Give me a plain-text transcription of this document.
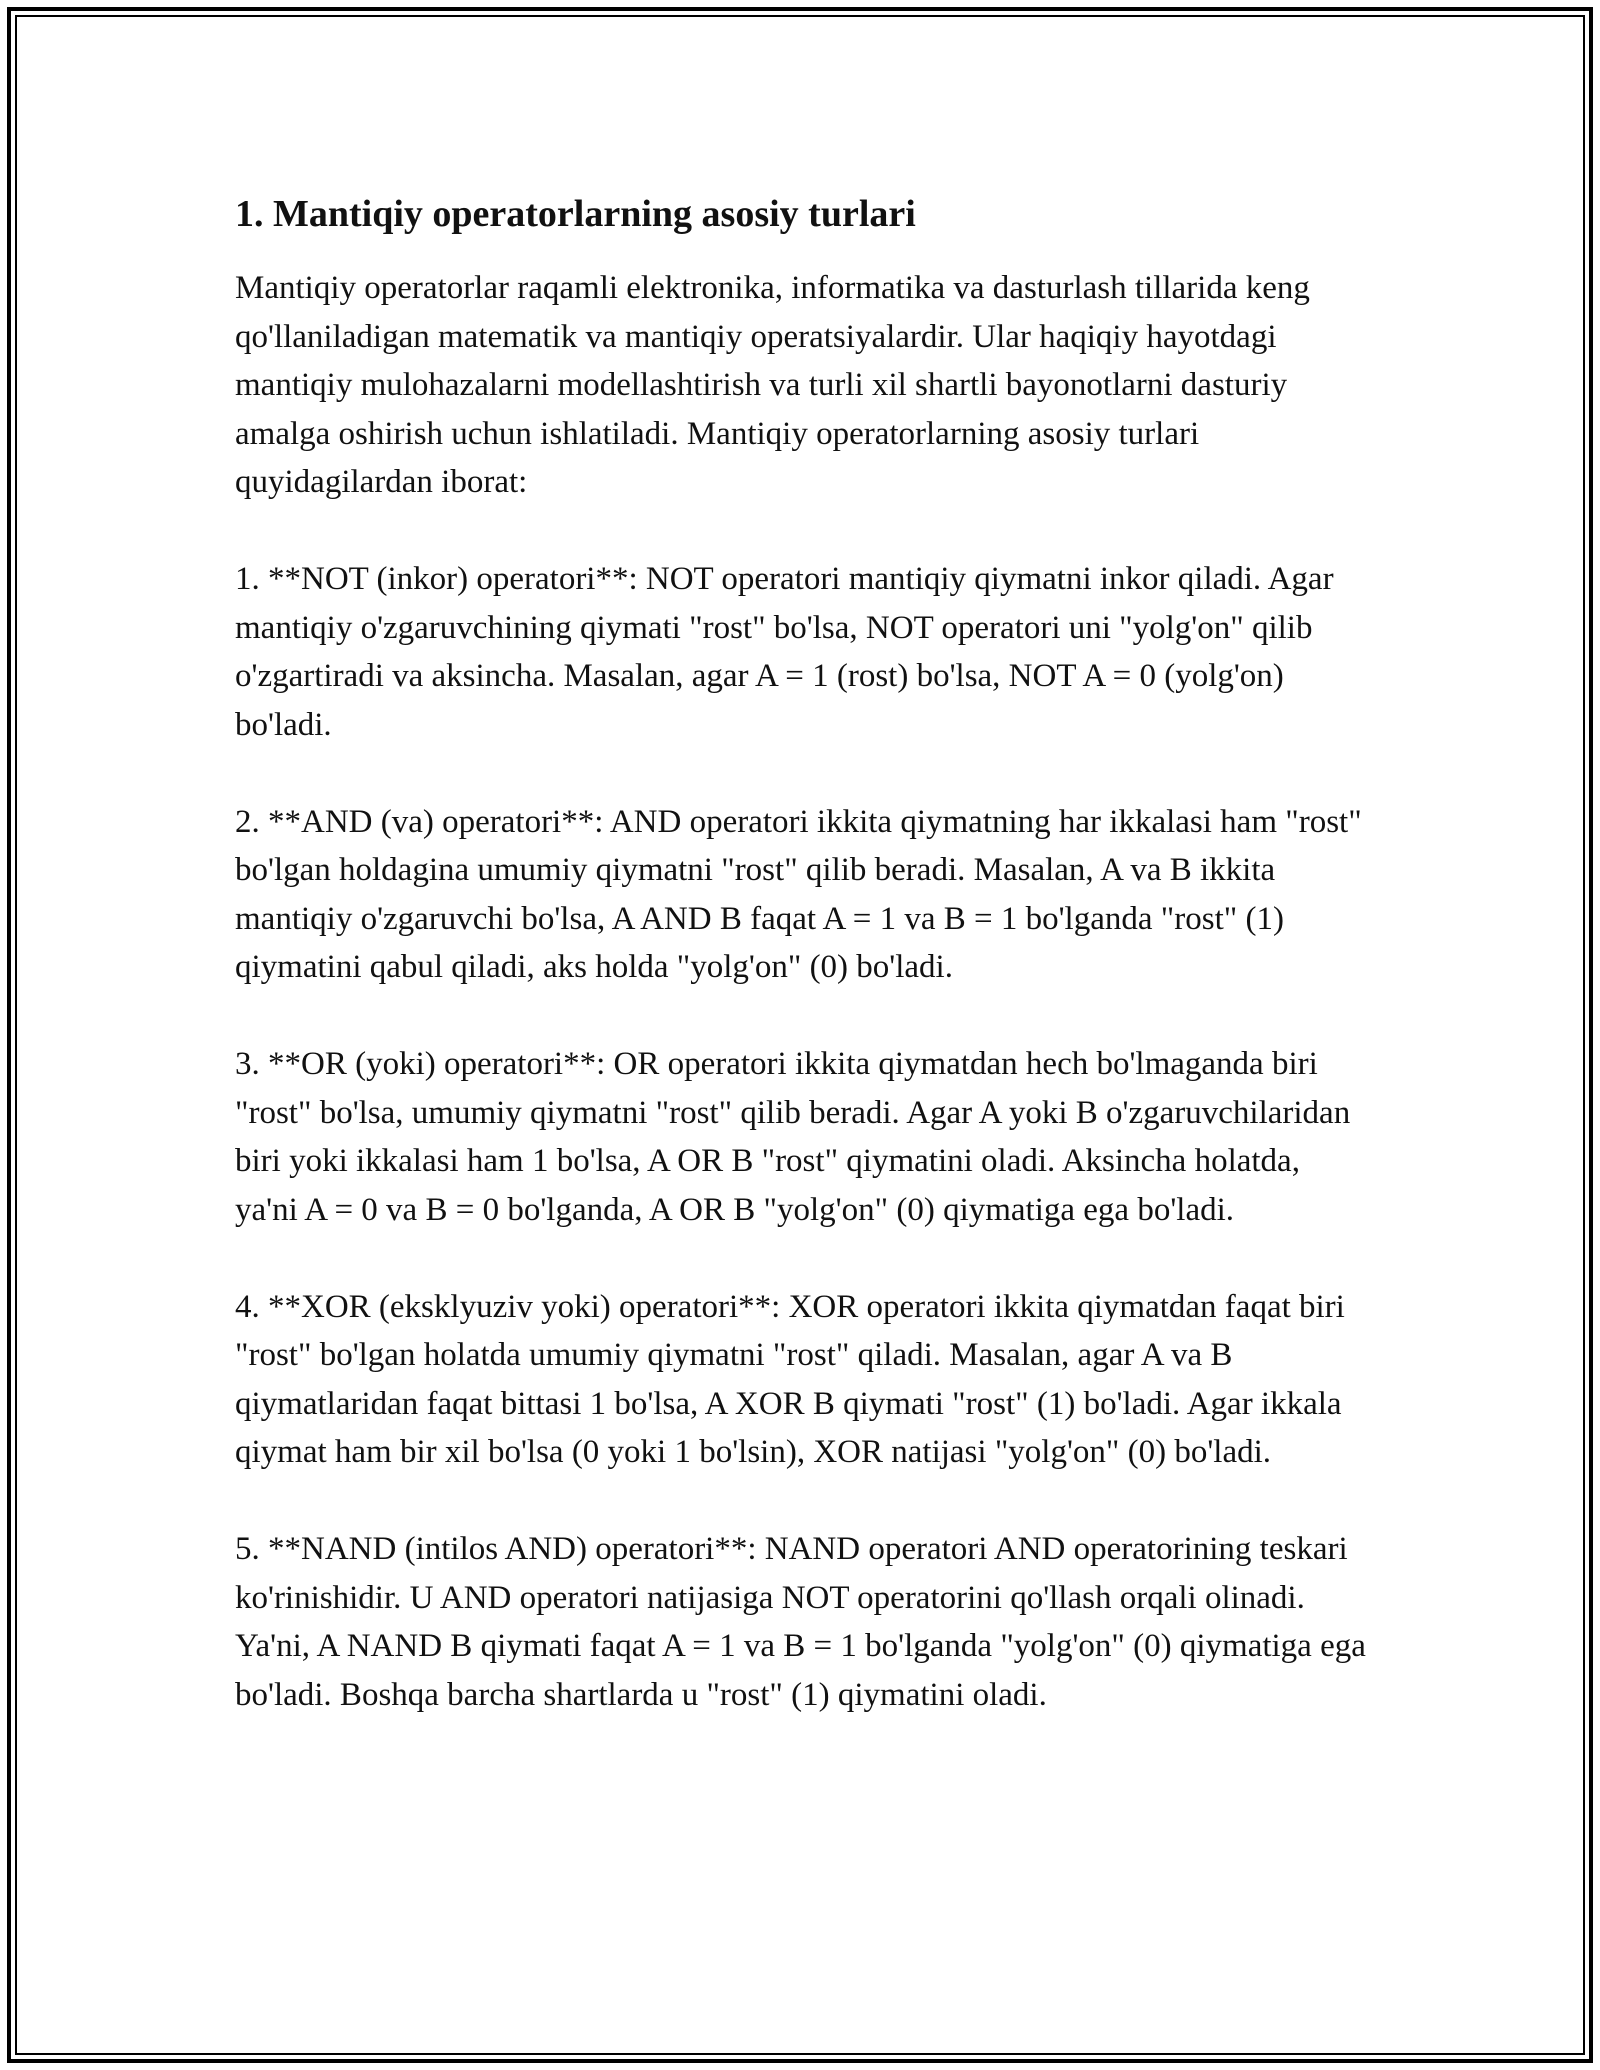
1. Mantiqiy operatorlarning asosiy turlari

Mantiqiy operatorlar raqamli elektronika, informatika va dasturlash tillarida keng qo'llaniladigan matematik va mantiqiy operatsiyalardir. Ular haqiqiy hayotdagi mantiqiy mulohazalarni modellashtirish va turli xil shartli bayonotlarni dasturiy amalga oshirish uchun ishlatiladi. Mantiqiy operatorlarning asosiy turlari quyidagilardan iborat:

1. **NOT (inkor) operatori**: NOT operatori mantiqiy qiymatni inkor qiladi. Agar mantiqiy o'zgaruvchining qiymati "rost" bo'lsa, NOT operatori uni "yolg'on" qilib o'zgartiradi va aksincha. Masalan, agar A = 1 (rost) bo'lsa, NOT A = 0 (yolg'on) bo'ladi.

2. **AND (va) operatori**: AND operatori ikkita qiymatning har ikkalasi ham "rost" bo'lgan holdagina umumiy qiymatni "rost" qilib beradi. Masalan, A va B ikkita mantiqiy o'zgaruvchi bo'lsa, A AND B faqat A = 1 va B = 1 bo'lganda "rost" (1) qiymatini qabul qiladi, aks holda "yolg'on" (0) bo'ladi.

3. **OR (yoki) operatori**: OR operatori ikkita qiymatdan hech bo'lmaganda biri "rost" bo'lsa, umumiy qiymatni "rost" qilib beradi. Agar A yoki B o'zgaruvchilaridan biri yoki ikkalasi ham 1 bo'lsa, A OR B "rost" qiymatini oladi. Aksincha holatda, ya'ni A = 0 va B = 0 bo'lganda, A OR B "yolg'on" (0) qiymatiga ega bo'ladi.

4. **XOR (eksklyuziv yoki) operatori**: XOR operatori ikkita qiymatdan faqat biri "rost" bo'lgan holatda umumiy qiymatni "rost" qiladi. Masalan, agar A va B qiymatlaridan faqat bittasi 1 bo'lsa, A XOR B qiymati "rost" (1) bo'ladi. Agar ikkala qiymat ham bir xil bo'lsa (0 yoki 1 bo'lsin), XOR natijasi "yolg'on" (0) bo'ladi.

5. **NAND (intilos AND) operatori**: NAND operatori AND operatorining teskari ko'rinishidir. U AND operatori natijasiga NOT operatorini qo'llash orqali olinadi. Ya'ni, A NAND B qiymati faqat A = 1 va B = 1 bo'lganda "yolg'on" (0) qiymatiga ega bo'ladi. Boshqa barcha shartlarda u "rost" (1) qiymatini oladi.
